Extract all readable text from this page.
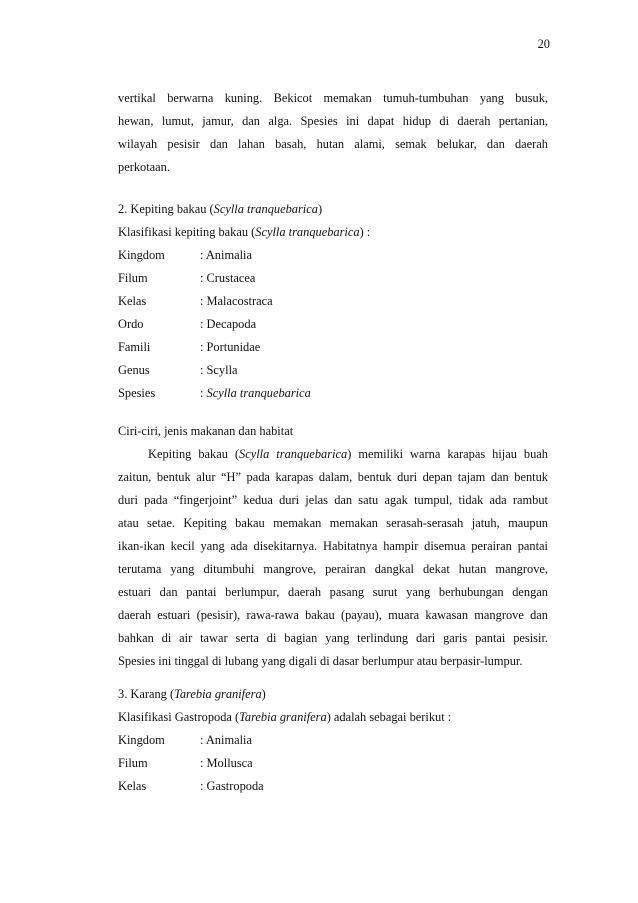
20
vertikal berwarna kuning. Bekicot memakan tumuh-tumbuhan yang busuk,
hewan, lumut, jamur, dan alga. Spesies ini dapat hidup di daerah pertanian,
wilayah pesisir dan lahan basah, hutan alami, semak belukar, dan daerah
perkotaan.
2. Kepiting bakau (Scylla tranquebarica)
Klasifikasi kepiting bakau (Scylla tranquebarica) :
Kingdom	: Animalia
Filum	: Crustacea
Kelas	: Malacostraca
Ordo	: Decapoda
Famili	: Portunidae
Genus	: Scylla
Spesies	: Scylla tranquebarica
Ciri-ciri, jenis makanan dan habitat
Kepiting bakau (Scylla tranquebarica) memiliki warna karapas hijau buah
zaitun, bentuk alur “H” pada karapas dalam, bentuk duri depan tajam dan bentuk
duri pada “fingerjoint” kedua duri jelas dan satu agak tumpul, tidak ada rambut
atau setae. Kepiting bakau memakan memakan serasah-serasah jatuh, maupun
ikan-ikan kecil yang ada disekitarnya. Habitatnya hampir disemua perairan pantai
terutama yang ditumbuhi mangrove, perairan dangkal dekat hutan mangrove,
estuari dan pantai berlumpur, daerah pasang surut yang berhubungan dengan
daerah estuari (pesisir), rawa-rawa bakau (payau), muara kawasan mangrove dan
bahkan di air tawar serta di bagian yang terlindung dari garis pantai pesisir.
Spesies ini tinggal di lubang yang digali di dasar berlumpur atau berpasir-lumpur.
3. Karang (Tarebia granifera)
Klasifikasi Gastropoda (Tarebia granifera) adalah sebagai berikut :
Kingdom	: Animalia
Filum	: Mollusca
Kelas	: Gastropoda
